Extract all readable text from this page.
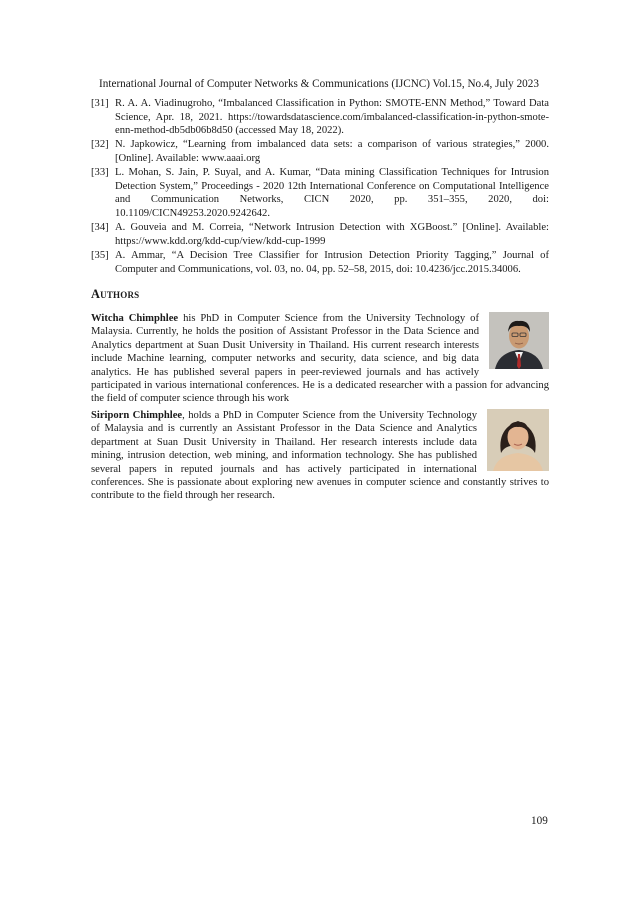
International Journal of Computer Networks & Communications (IJCNC) Vol.15, No.4, July 2023
[31] R. A. A. Viadinugroho, “Imbalanced Classification in Python: SMOTE-ENN Method,” Toward Data Science, Apr. 18, 2021. https://towardsdatascience.com/imbalanced-classification-in-python-smote-enn-method-db5db06b8d50 (accessed May 18, 2022).
[32] N. Japkowicz, “Learning from imbalanced data sets: a comparison of various strategies,” 2000. [Online]. Available: www.aaai.org
[33] L. Mohan, S. Jain, P. Suyal, and A. Kumar, “Data mining Classification Techniques for Intrusion Detection System,” Proceedings - 2020 12th International Conference on Computational Intelligence and Communication Networks, CICN 2020, pp. 351–355, 2020, doi: 10.1109/CICN49253.2020.9242642.
[34] A. Gouveia and M. Correia, “Network Intrusion Detection with XGBoost.” [Online]. Available: https://www.kdd.org/kdd-cup/view/kdd-cup-1999
[35] A. Ammar, “A Decision Tree Classifier for Intrusion Detection Priority Tagging,” Journal of Computer and Communications, vol. 03, no. 04, pp. 52–58, 2015, doi: 10.4236/jcc.2015.34006.
Authors

Witcha Chimphlee his PhD in Computer Science from the University Technology of Malaysia. Currently, he holds the position of Assistant Professor in the Data Science and Analytics department at Suan Dusit University in Thailand. His current research interests include Machine learning, computer networks and security, data science, and big data analytics. He has published several papers in peer-reviewed journals and has actively participated in various international conferences. He is a dedicated researcher with a passion for advancing the field of computer science through his work

Siriporn Chimphlee, holds a PhD in Computer Science from the University Technology of Malaysia and is currently an Assistant Professor in the Data Science and Analytics department at Suan Dusit University in Thailand. Her research interests include data mining, intrusion detection, web mining, and information technology. She has published several papers in reputed journals and has actively participated in international conferences. She is passionate about exploring new avenues in computer science and constantly strives to contribute to the field through her research.

109
